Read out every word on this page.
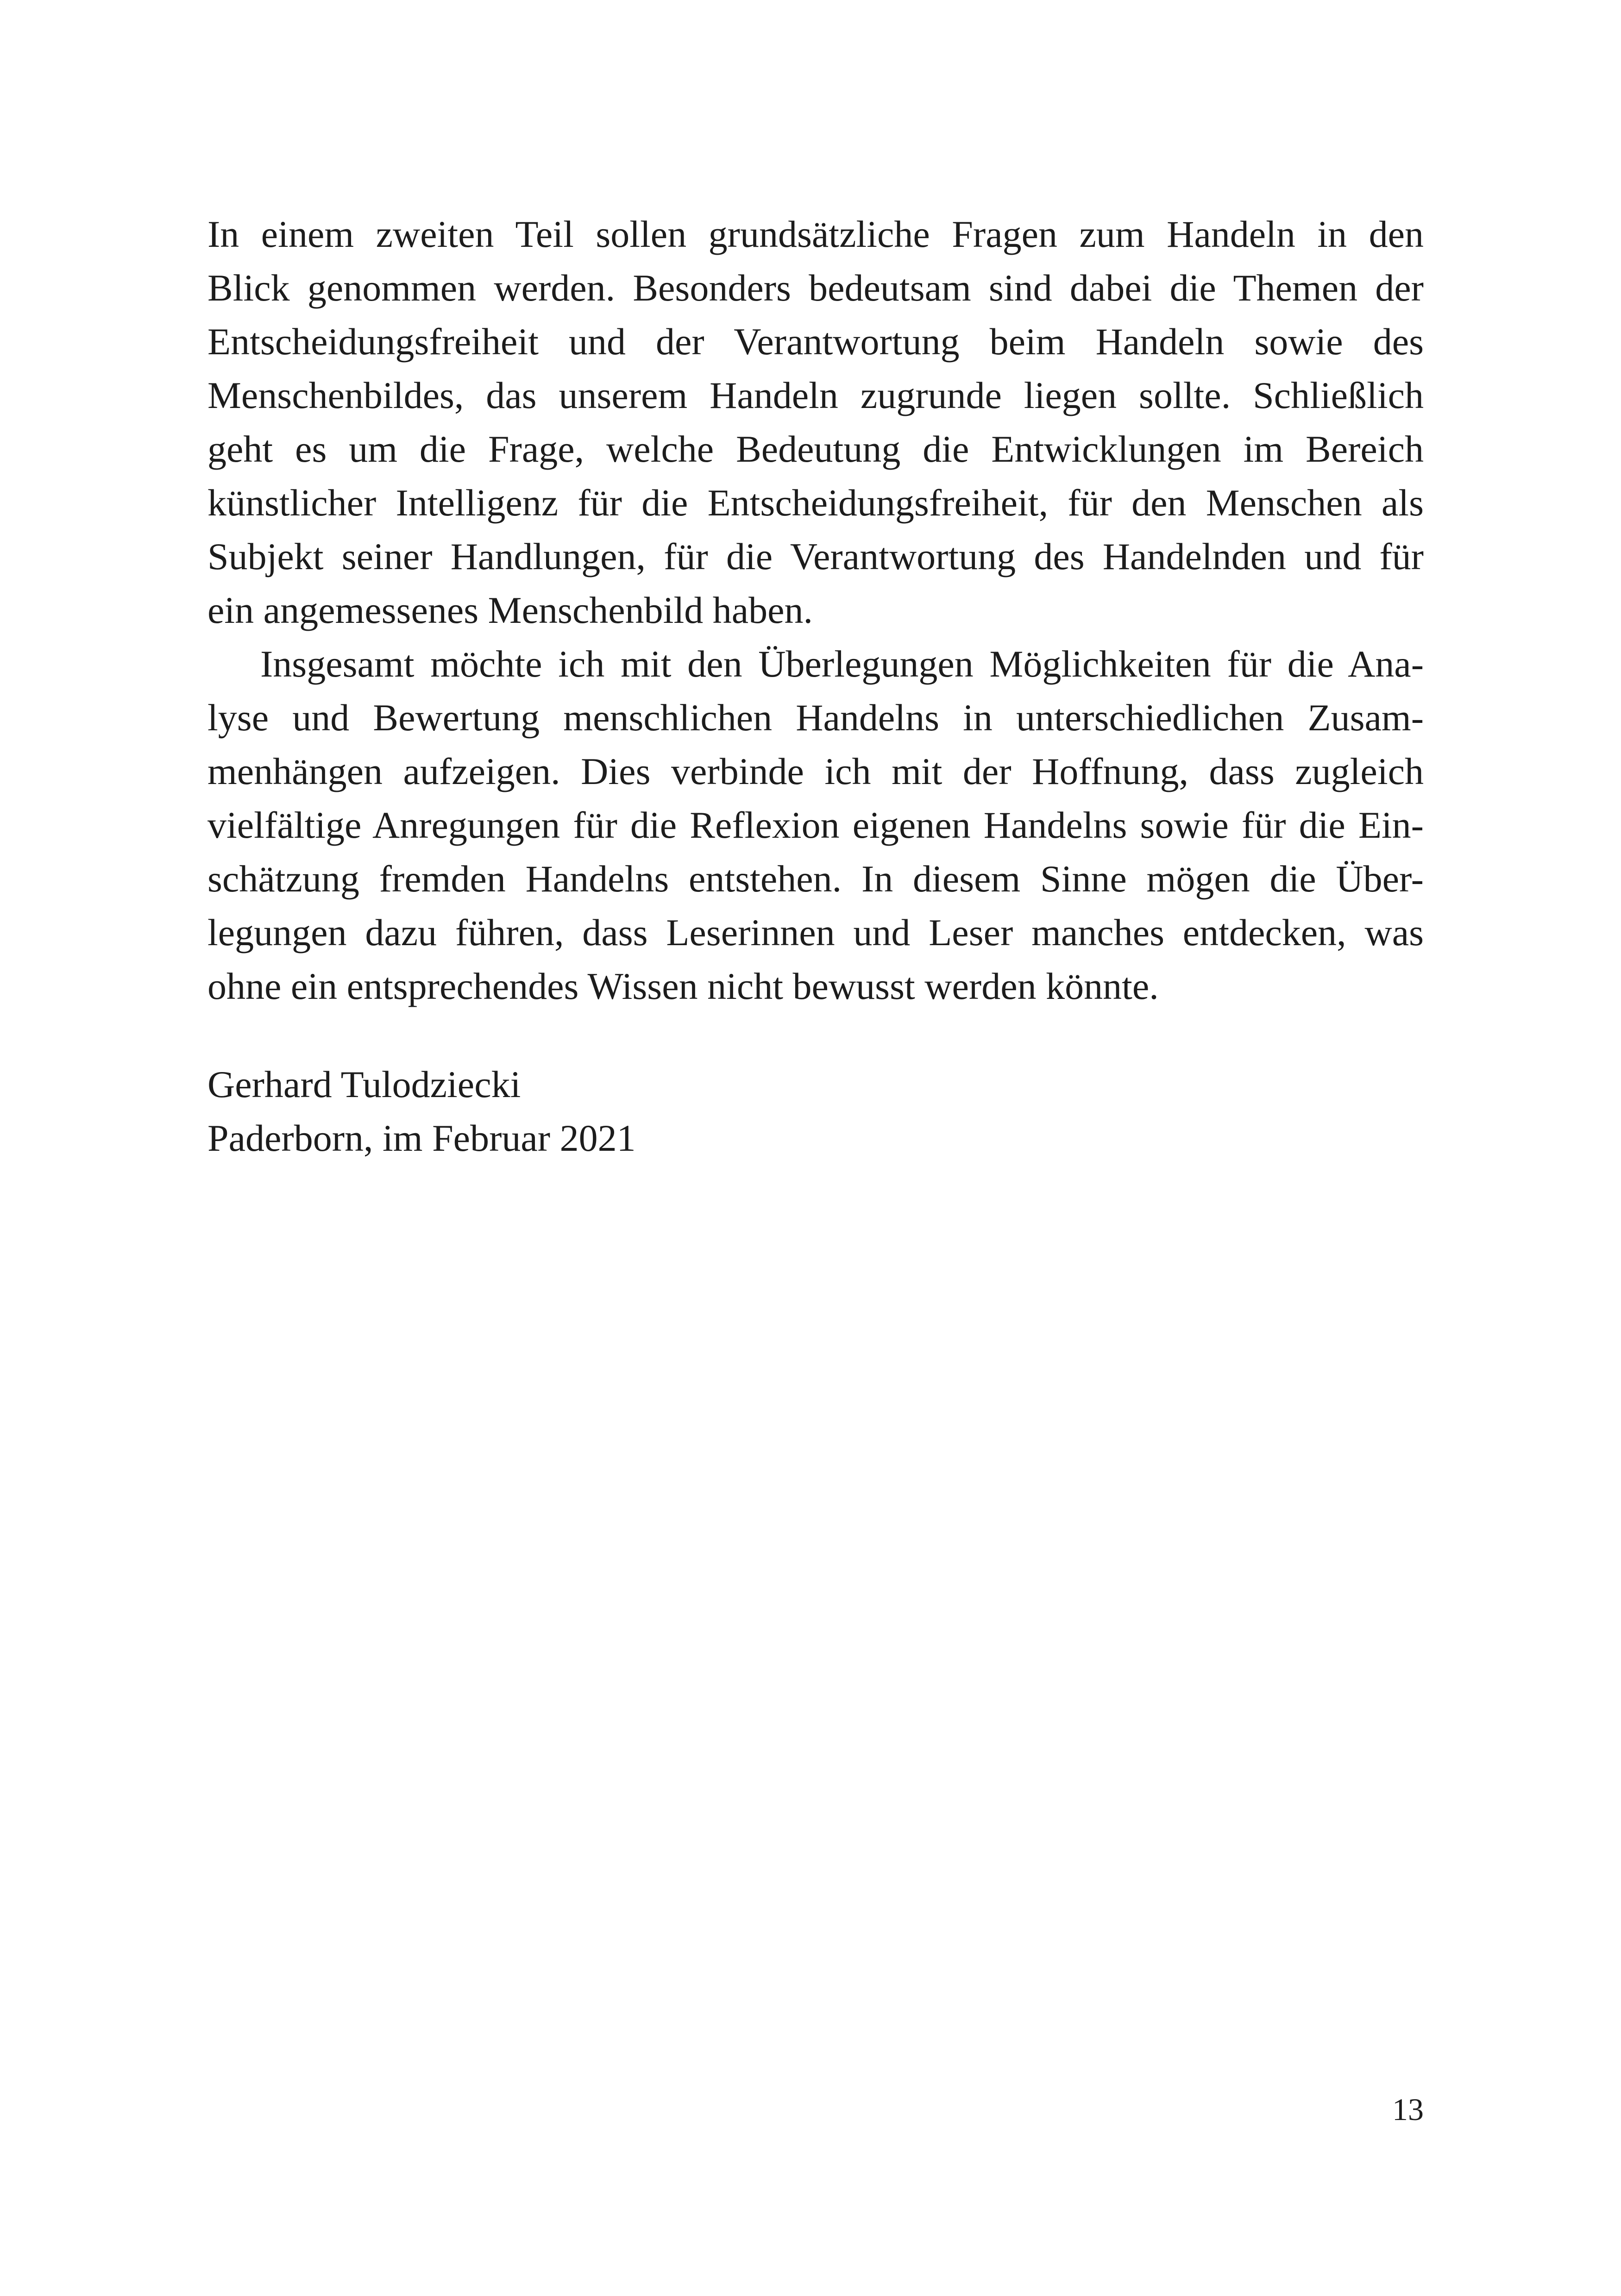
In einem zweiten Teil sollen grundsätzliche Fragen zum Handeln in den
Blick genommen werden. Besonders bedeutsam sind dabei die Themen der
Entscheidungsfreiheit und der Verantwortung beim Handeln sowie des
Menschenbildes, das unserem Handeln zugrunde liegen sollte. Schließlich
geht es um die Frage, welche Bedeutung die Entwicklungen im Bereich
künstlicher Intelligenz für die Entscheidungsfreiheit, für den Menschen als
Subjekt seiner Handlungen, für die Verantwortung des Handelnden und für
ein angemessenes Menschenbild haben.
Insgesamt möchte ich mit den Überlegungen Möglichkeiten für die Ana-
lyse und Bewertung menschlichen Handelns in unterschiedlichen Zusam-
menhängen aufzeigen. Dies verbinde ich mit der Hoffnung, dass zugleich
vielfältige Anregungen für die Reflexion eigenen Handelns sowie für die Ein-
schätzung fremden Handelns entstehen. In diesem Sinne mögen die Über-
legungen dazu führen, dass Leserinnen und Leser manches entdecken, was
ohne ein entsprechendes Wissen nicht bewusst werden könnte.
Gerhard Tulodziecki
Paderborn, im Februar 2021
13
